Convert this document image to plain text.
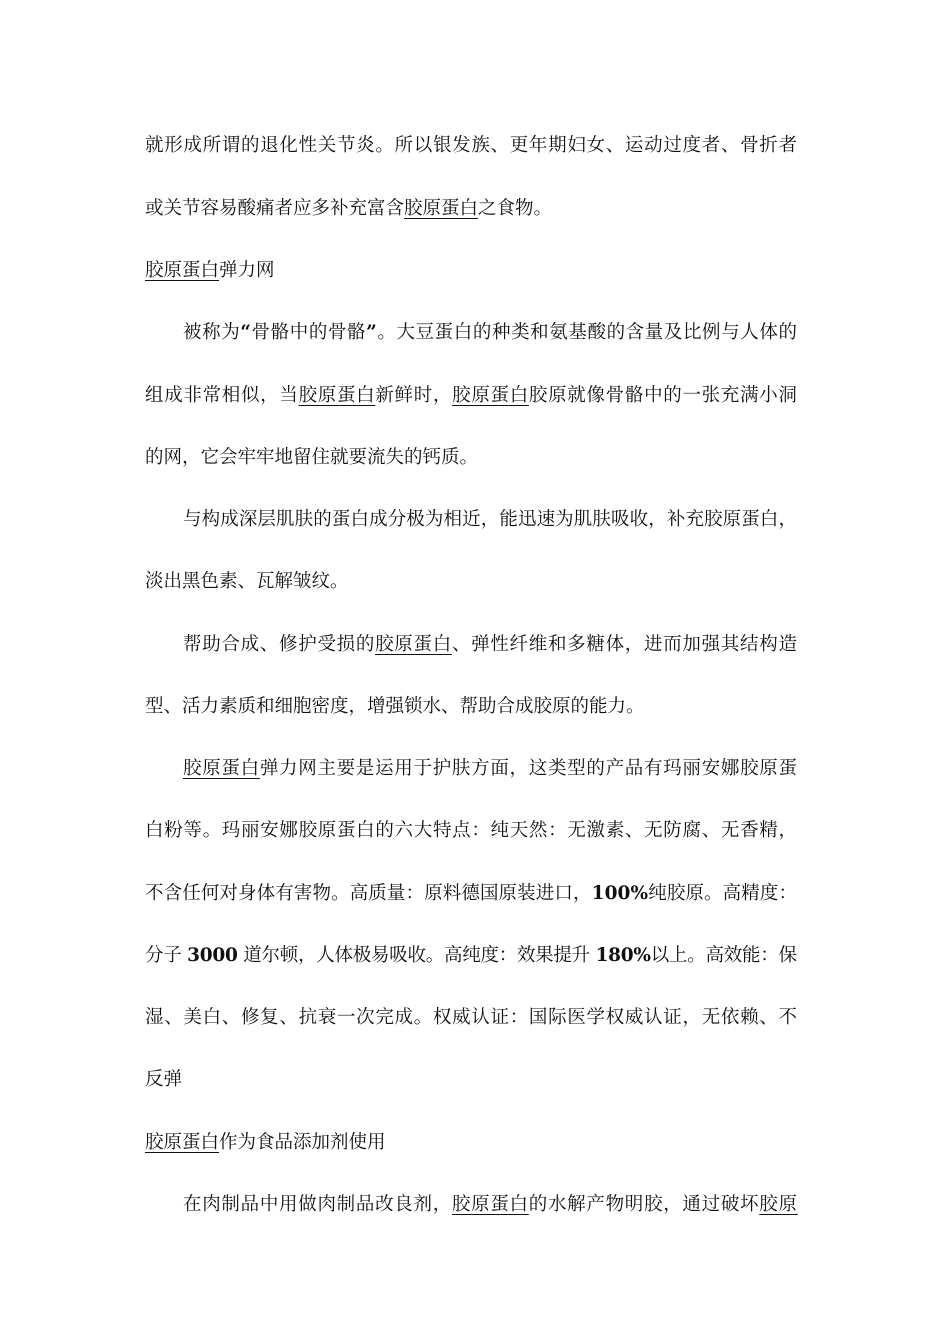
就形成所谓的退化性关节炎。所以银发族、更年期妇女、运动过度者、骨折者
或关节容易酸痛者应多补充富含胶原蛋白之食物。
胶原蛋白弹力网
被称为“骨骼中的骨骼”。大豆蛋白的种类和氨基酸的含量及比例与人体的
组成非常相似，当胶原蛋白新鲜时，胶原蛋白胶原就像骨骼中的一张充满小洞
的网，它会牢牢地留住就要流失的钙质。
与构成深层肌肤的蛋白成分极为相近，能迅速为肌肤吸收，补充胶原蛋白，
淡出黑色素、瓦解皱纹。
帮助合成、修护受损的胶原蛋白、弹性纤维和多糖体，进而加强其结构造
型、活力素质和细胞密度，增强锁水、帮助合成胶原的能力。
胶原蛋白弹力网主要是运用于护肤方面，这类型的产品有玛丽安娜胶原蛋
白粉等。玛丽安娜胶原蛋白的六大特点：纯天然：无激素、无防腐、无香精，
不含任何对身体有害物。高质量：原料德国原装进口，100%纯胶原。高精度：
分子 3000 道尔顿，人体极易吸收。高纯度：效果提升 180%以上。高效能：保
湿、美白、修复、抗衰一次完成。权威认证：国际医学权威认证，无依赖、不
反弹
胶原蛋白作为食品添加剂使用
在肉制品中用做肉制品改良剂，胶原蛋白的水解产物明胶，通过破坏胶原
